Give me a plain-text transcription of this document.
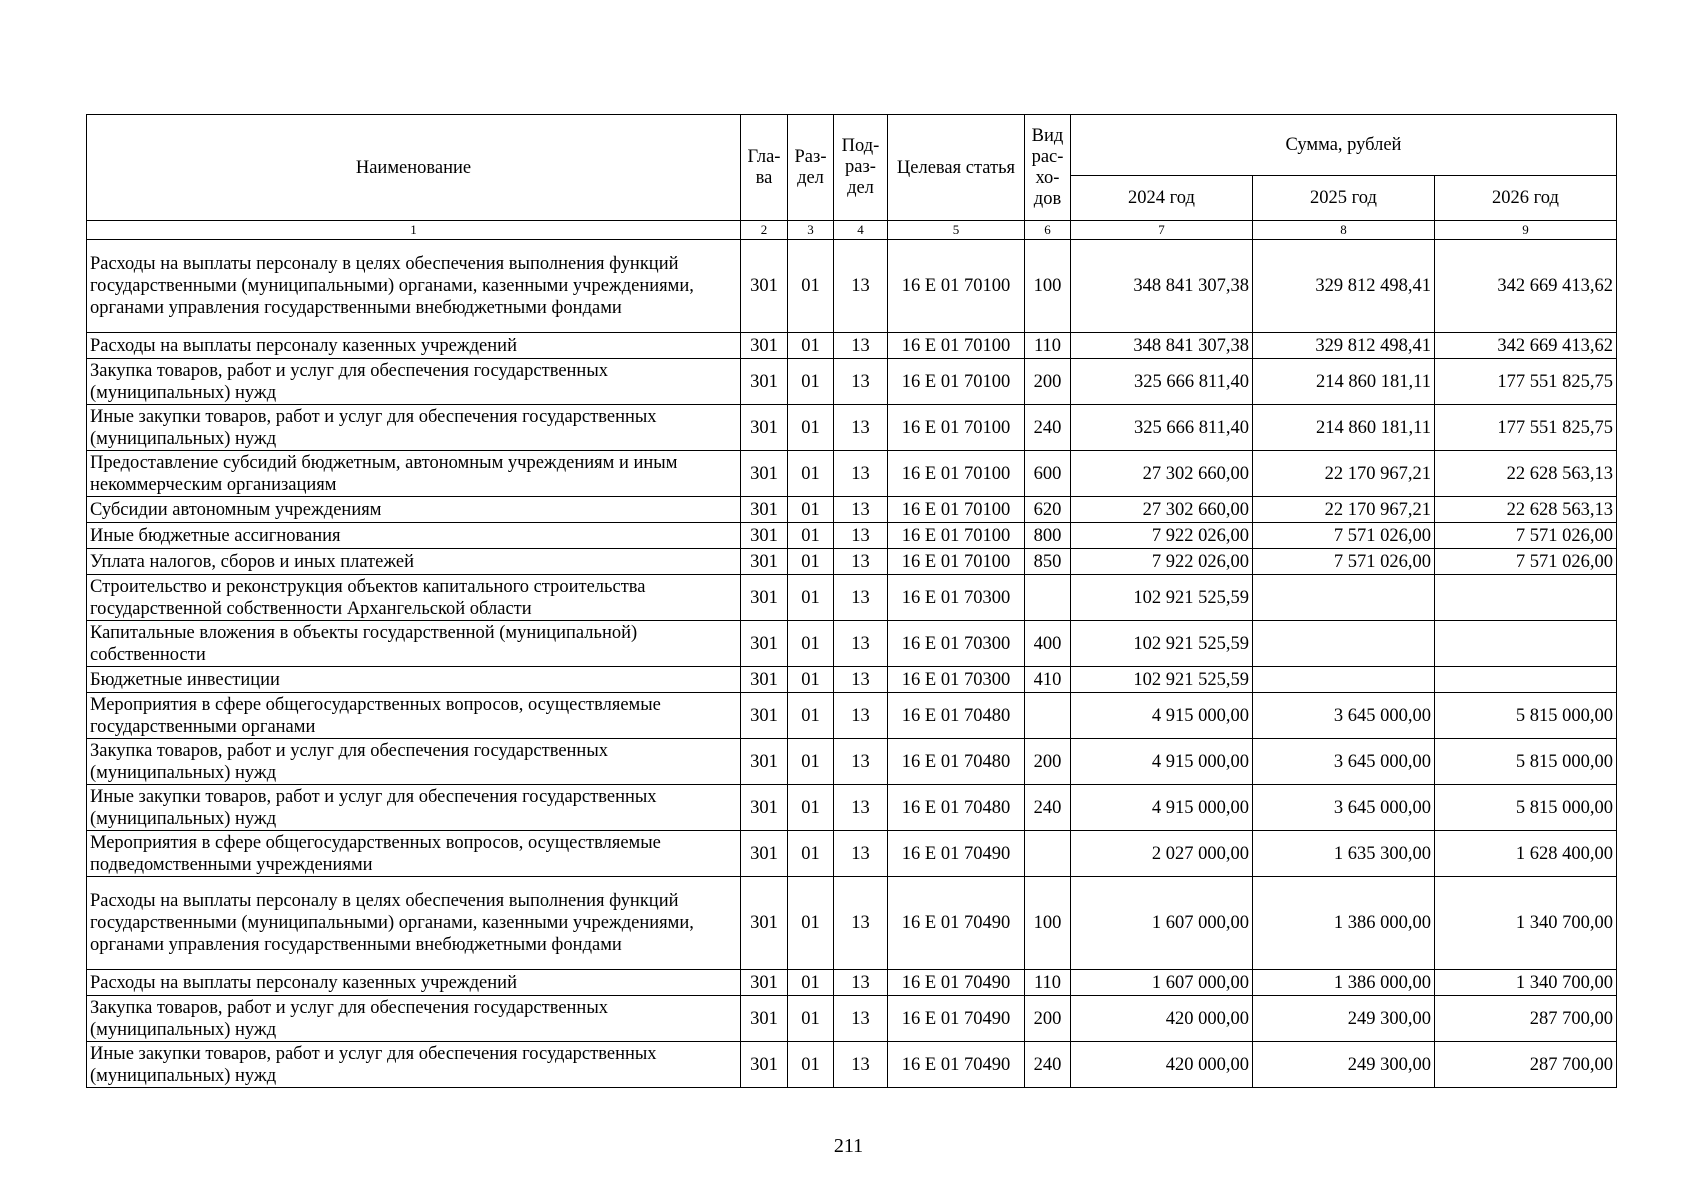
Наименование	Гла-ва	Раз-дел	Под-раз-дел	Целевая статья	Вид рас-хо-дов	Сумма, рублей		
						2024 год	2025 год	2026 год
1	2	3	4	5	6	7	8	9
Расходы на выплаты персоналу в целях обеспечения выполнения функций государственными (муниципальными) органами, казенными учреждениями, органами управления государственными внебюджетными фондами	301	01	13	16 Е 01 70100	100	348 841 307,38	329 812 498,41	342 669 413,62
Расходы на выплаты персоналу казенных учреждений	301	01	13	16 Е 01 70100	110	348 841 307,38	329 812 498,41	342 669 413,62
Закупка товаров, работ и услуг для обеспечения государственных (муниципальных) нужд	301	01	13	16 Е 01 70100	200	325 666 811,40	214 860 181,11	177 551 825,75
Иные закупки товаров, работ и услуг для обеспечения государственных (муниципальных) нужд	301	01	13	16 Е 01 70100	240	325 666 811,40	214 860 181,11	177 551 825,75
Предоставление субсидий бюджетным, автономным учреждениям и иным некоммерческим организациям	301	01	13	16 Е 01 70100	600	27 302 660,00	22 170 967,21	22 628 563,13
Субсидии автономным учреждениям	301	01	13	16 Е 01 70100	620	27 302 660,00	22 170 967,21	22 628 563,13
Иные бюджетные ассигнования	301	01	13	16 Е 01 70100	800	7 922 026,00	7 571 026,00	7 571 026,00
Уплата налогов, сборов и иных платежей	301	01	13	16 Е 01 70100	850	7 922 026,00	7 571 026,00	7 571 026,00
Строительство и реконструкция объектов капитального строительства государственной собственности Архангельской области	301	01	13	16 Е 01 70300		102 921 525,59		
Капитальные вложения в объекты государственной (муниципальной) собственности	301	01	13	16 Е 01 70300	400	102 921 525,59		
Бюджетные инвестиции	301	01	13	16 Е 01 70300	410	102 921 525,59		
Мероприятия в сфере общегосударственных вопросов, осуществляемые государственными органами	301	01	13	16 Е 01 70480		4 915 000,00	3 645 000,00	5 815 000,00
Закупка товаров, работ и услуг для обеспечения государственных (муниципальных) нужд	301	01	13	16 Е 01 70480	200	4 915 000,00	3 645 000,00	5 815 000,00
Иные закупки товаров, работ и услуг для обеспечения государственных (муниципальных) нужд	301	01	13	16 Е 01 70480	240	4 915 000,00	3 645 000,00	5 815 000,00
Мероприятия в сфере общегосударственных вопросов, осуществляемые подведомственными учреждениями	301	01	13	16 Е 01 70490		2 027 000,00	1 635 300,00	1 628 400,00
Расходы на выплаты персоналу в целях обеспечения выполнения функций государственными (муниципальными) органами, казенными учреждениями, органами управления государственными внебюджетными фондами	301	01	13	16 Е 01 70490	100	1 607 000,00	1 386 000,00	1 340 700,00
Расходы на выплаты персоналу казенных учреждений	301	01	13	16 Е 01 70490	110	1 607 000,00	1 386 000,00	1 340 700,00
Закупка товаров, работ и услуг для обеспечения государственных (муниципальных) нужд	301	01	13	16 Е 01 70490	200	420 000,00	249 300,00	287 700,00
Иные закупки товаров, работ и услуг для обеспечения государственных (муниципальных) нужд	301	01	13	16 Е 01 70490	240	420 000,00	249 300,00	287 700,00
211
